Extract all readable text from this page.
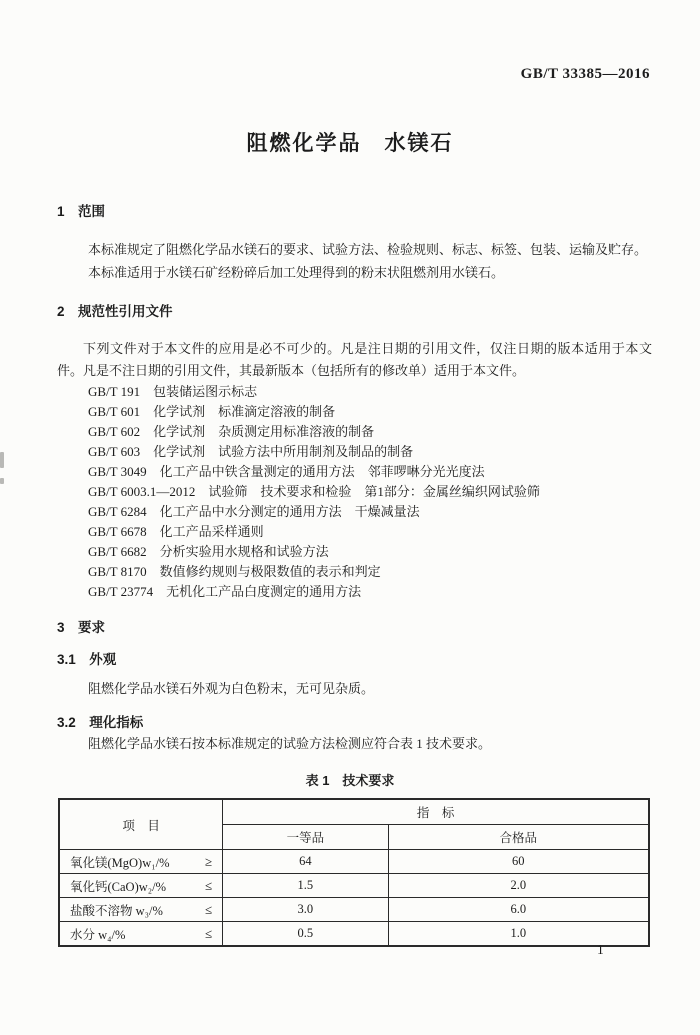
GB/T 33385—2016
阻燃化学品　水镁石
1　范围
本标准规定了阻燃化学品水镁石的要求、试验方法、检验规则、标志、标签、包装、运输及贮存。
本标准适用于水镁石矿经粉碎后加工处理得到的粉末状阻燃剂用水镁石。
2　规范性引用文件
下列文件对于本文件的应用是必不可少的。凡是注日期的引用文件，仅注日期的版本适用于本文件。凡是不注日期的引用文件，其最新版本（包括所有的修改单）适用于本文件。
GB/T 191　包装储运图示标志
GB/T 601　化学试剂　标准滴定溶液的制备
GB/T 602　化学试剂　杂质测定用标准溶液的制备
GB/T 603　化学试剂　试验方法中所用制剂及制品的制备
GB/T 3049　化工产品中铁含量测定的通用方法　邻菲啰啉分光光度法
GB/T 6003.1—2012　试验筛　技术要求和检验　第1部分：金属丝编织网试验筛
GB/T 6284　化工产品中水分测定的通用方法　干燥减量法
GB/T 6678　化工产品采样通则
GB/T 6682　分析实验用水规格和试验方法
GB/T 8170　数值修约规则与极限数值的表示和判定
GB/T 23774　无机化工产品白度测定的通用方法
3　要求
3.1　外观
阻燃化学品水镁石外观为白色粉末，无可见杂质。
3.2　理化指标
阻燃化学品水镁石按本标准规定的试验方法检测应符合表 1 技术要求。
表 1　技术要求
项　目	指　标	
	一等品	合格品

氧化镁(MgO)w₁/% ≥	64	60

氧化钙(CaO)w₂/% ≤	1.5	2.0

盐酸不溶物 w₃/% ≤	3.0	6.0

水分 w₄/% ≤	0.5	1.0
1
